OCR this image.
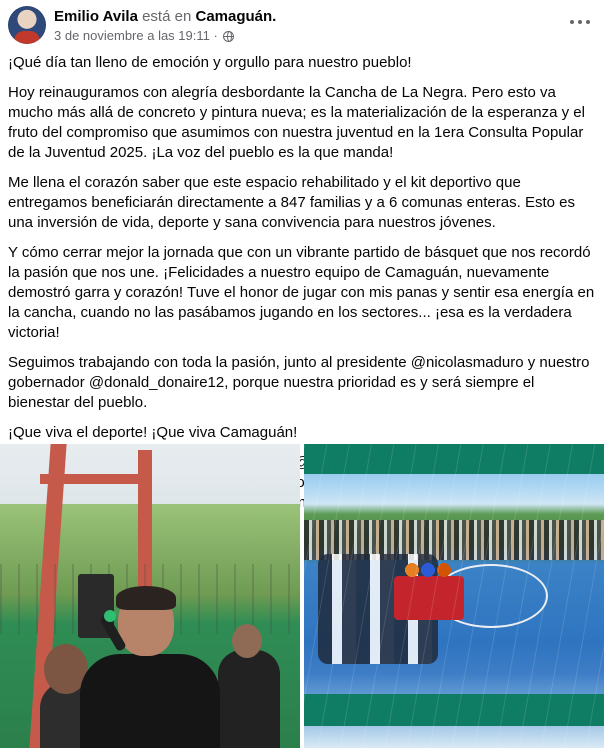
Emilio Avila está en Camaguán.
3 de noviembre a las 19:11 ·

¡Qué día tan lleno de emoción y orgullo para nuestro pueblo!

Hoy reinauguramos con alegría desbordante la Cancha de La Negra. Pero esto va mucho más allá de concreto y pintura nueva; es la materialización de la esperanza y el fruto del compromiso que asumimos con nuestra juventud en la 1era Consulta Popular de la Juventud 2025. ¡La voz del pueblo es la que manda!

Me llena el corazón saber que este espacio rehabilitado y el kit deportivo que entregamos beneficiarán directamente a 847 familias y a 6 comunas enteras. Esto es una inversión de vida, deporte y sana convivencia para nuestros jóvenes.

Y cómo cerrar mejor la jornada que con un vibrante partido de básquet que nos recordó la pasión que nos une. ¡Felicidades a nuestro equipo de Camaguán, nuevamente demostró garra y corazón! Tuve el honor de jugar con mis panas y sentir esa energía en la cancha, cuando no las pasábamos jugando en los sectores... ¡esa es la verdadera victoria!

Seguimos trabajando con toda la pasión, junto al presidente @nicolasmaduro y nuestro gobernador @donald_donaire12, porque nuestra prioridad es y será siempre el bienestar del pueblo.

¡Que viva el deporte! ¡Que viva Camaguán!
